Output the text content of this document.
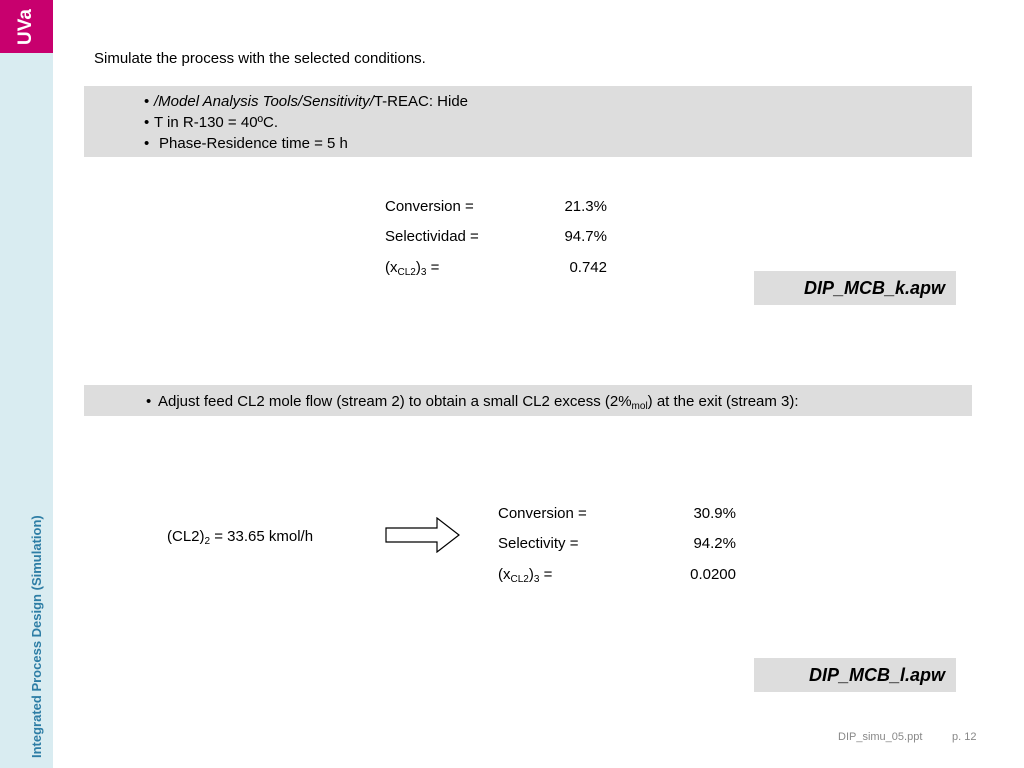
UVa
Integrated Process Design (Simulation)
Simulate the process with the selected conditions.
• /Model Analysis Tools/Sensitivity/T-REAC: Hide
• T in R-130 = 40ºC.
• Phase-Residence time = 5 h
Conversion =
Selectividad =
$(x_{CL2})_3$ =
21.3%
94.7%
0.742
DIP_MCB_k.apw
• Adjust feed CL2 mole flow (stream 2) to obtain a small CL2 excess $(2\%_{mol})$ at the exit (stream 3):
$(CL2)_2 = 33.65$ kmol/h
Conversion =
Selectivity =
$(x_{CL2})_3$ =
30.9%
94.2%
0.0200
DIP_MCB_l.apw
DIP_simu_05.ppt	p. 12
